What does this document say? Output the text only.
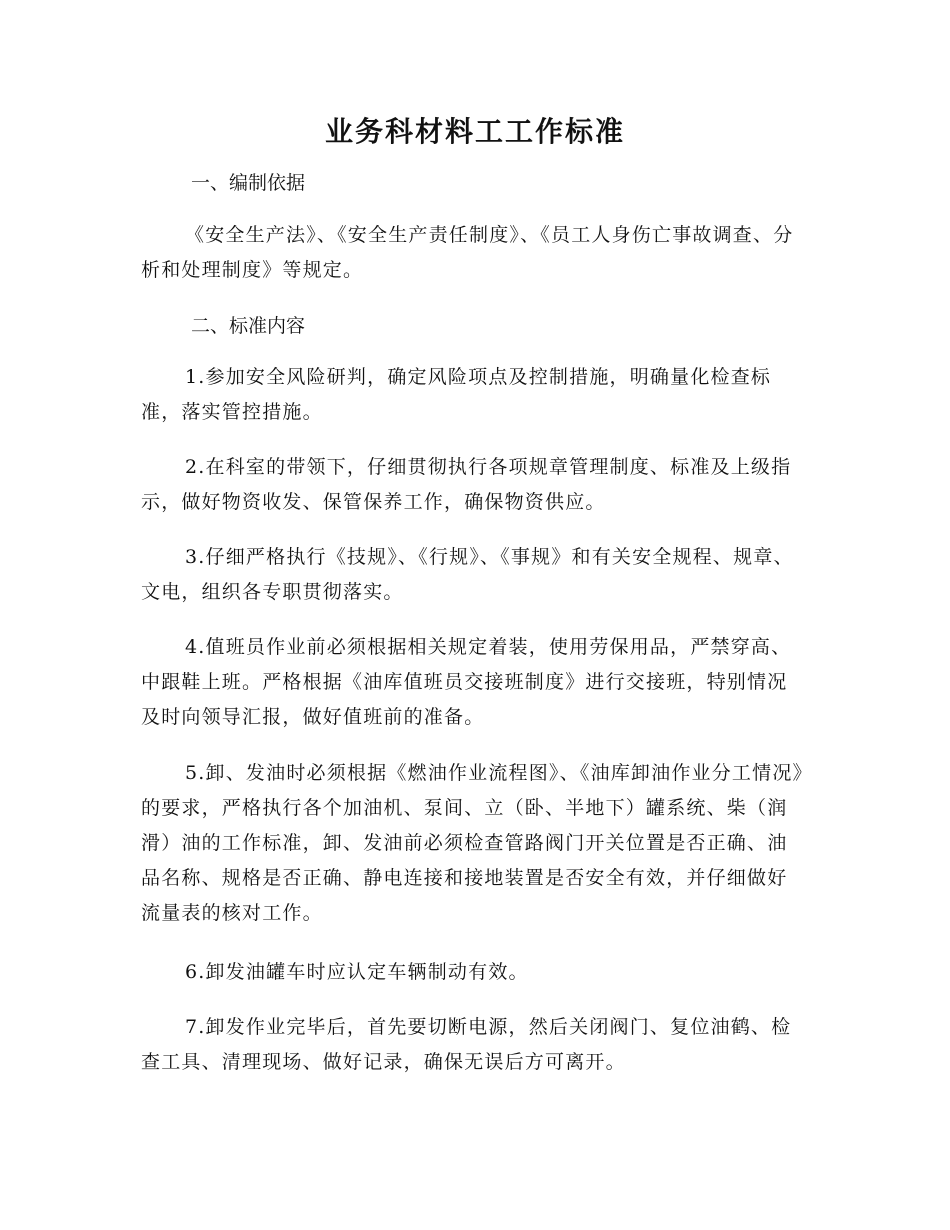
业务科材料工工作标准

一、编制依据

《安全生产法》、《安全生产责任制度》、《员工人身伤亡事故调查、分析和处理制度》等规定。

二、标准内容

1.参加安全风险研判，确定风险项点及控制措施，明确量化检查标准，落实管控措施。

2.在科室的带领下，仔细贯彻执行各项规章管理制度、标准及上级指示，做好物资收发、保管保养工作，确保物资供应。

3.仔细严格执行《技规》、《行规》、《事规》和有关安全规程、规章、文电，组织各专职贯彻落实。

4.值班员作业前必须根据相关规定着装，使用劳保用品，严禁穿高、中跟鞋上班。严格根据《油库值班员交接班制度》进行交接班，特别情况及时向领导汇报，做好值班前的准备。

5.卸、发油时必须根据《燃油作业流程图》、《油库卸油作业分工情况》的要求，严格执行各个加油机、泵间、立（卧、半地下）罐系统、柴（润滑）油的工作标准，卸、发油前必须检查管路阀门开关位置是否正确、油品名称、规格是否正确、静电连接和接地装置是否安全有效，并仔细做好流量表的核对工作。

6.卸发油罐车时应认定车辆制动有效。

7.卸发作业完毕后，首先要切断电源，然后关闭阀门、复位油鹤、检查工具、清理现场、做好记录，确保无误后方可离开。
